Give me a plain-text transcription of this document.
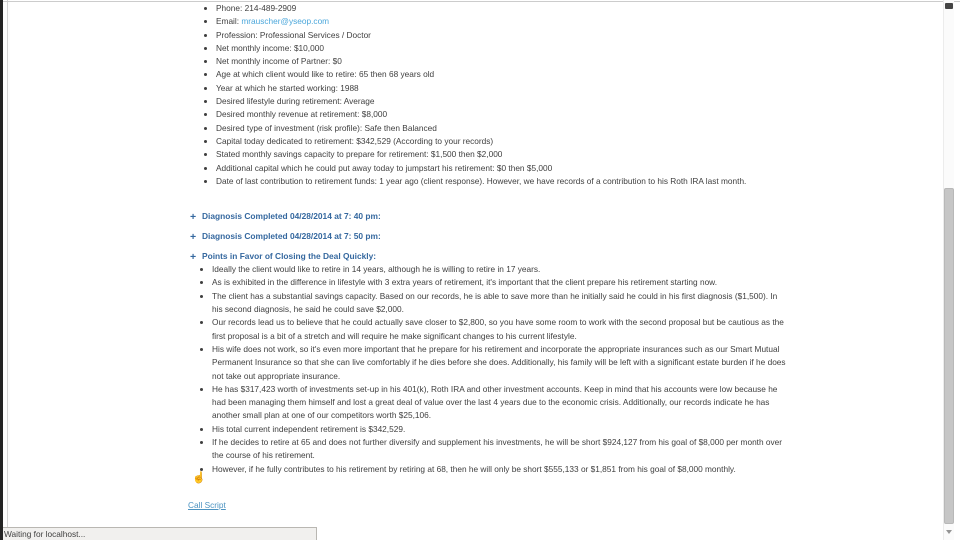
• Phone: 214-489-2909
• Email: mrauscher@yseop.com
• Profession: Professional Services / Doctor
• Net monthly income: $10,000
• Net monthly income of Partner: $0
• Age at which client would like to retire: 65 then 68 years old
• Year at which he started working: 1988
• Desired lifestyle during retirement: Average
• Desired monthly revenue at retirement: $8,000
• Desired type of investment (risk profile): Safe then Balanced
• Capital today dedicated to retirement: $342,529 (According to your records)
• Stated monthly savings capacity to prepare for retirement: $1,500 then $2,000
• Additional capital which he could put away today to jumpstart his retirement: $0 then $5,000
• Date of last contribution to retirement funds: 1 year ago (client response). However, we have records of a contribution to his Roth IRA last month.
+ Diagnosis Completed 04/28/2014 at 7: 40 pm:
+ Diagnosis Completed 04/28/2014 at 7: 50 pm:
+ Points in Favor of Closing the Deal Quickly:
• Ideally the client would like to retire in 14 years, although he is willing to retire in 17 years.
• As is exhibited in the difference in lifestyle with 3 extra years of retirement, it's important that the client prepare his retirement starting now.
• The client has a substantial savings capacity. Based on our records, he is able to save more than he initially said he could in his first diagnosis ($1,500). In his second diagnosis, he said he could save $2,000.
• Our records lead us to believe that he could actually save closer to $2,800, so you have some room to work with the second proposal but be cautious as the first proposal is a bit of a stretch and will require he make significant changes to his current lifestyle.
• His wife does not work, so it's even more important that he prepare for his retirement and incorporate the appropriate insurances such as our Smart Mutual Permanent Insurance so that she can live comfortably if he dies before she does. Additionally, his family will be left with a significant estate burden if he does not take out appropriate insurance.
• He has $317,423 worth of investments set-up in his 401(k), Roth IRA and other investment accounts. Keep in mind that his accounts were low because he had been managing them himself and lost a great deal of value over the last 4 years due to the economic crisis. Additionally, our records indicate he has another small plan at one of our competitors worth $25,106.
• His total current independent retirement is $342,529.
• If he decides to retire at 65 and does not further diversify and supplement his investments, he will be short $924,127 from his goal of $8,000 per month over the course of his retirement.
• However, if he fully contributes to his retirement by retiring at 68, then he will only be short $555,133 or $1,851 from his goal of $8,000 monthly.
☝
Call Script
Waiting for localhost...
